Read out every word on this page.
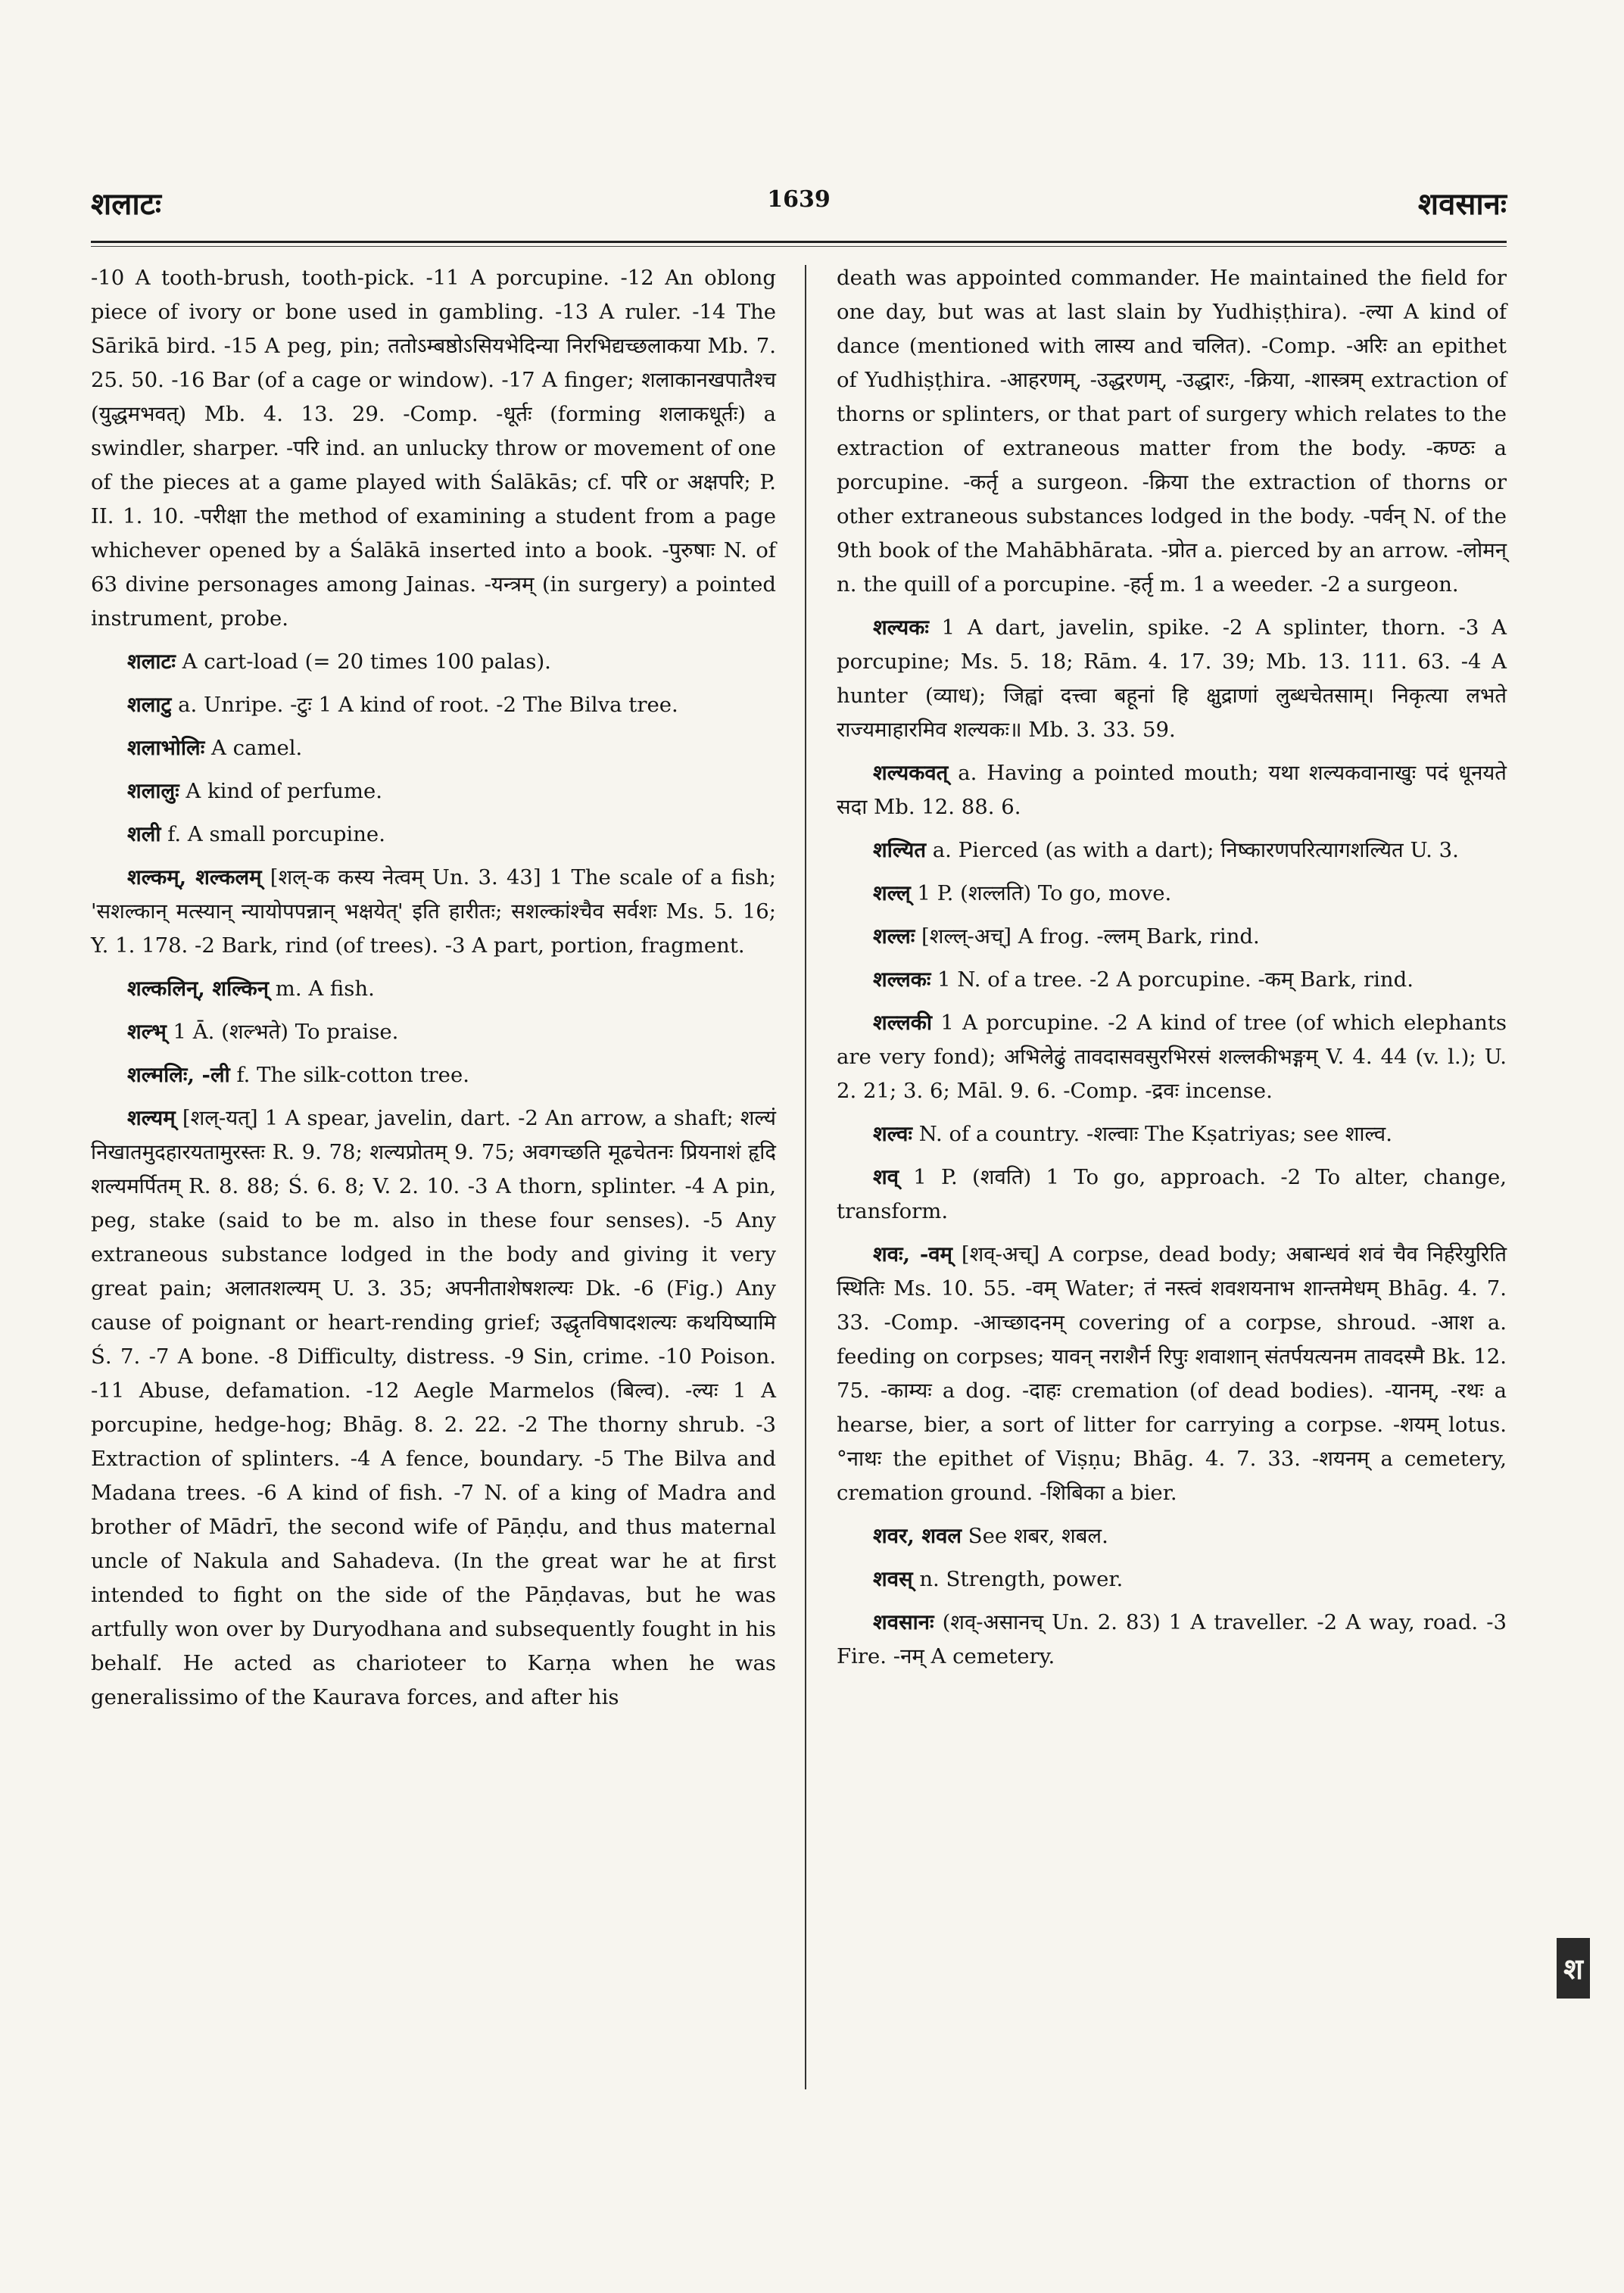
शलाटः	1639	शवसानः

-10 A tooth-brush, tooth-pick. -11 A porcupine. -12 An oblong piece of ivory or bone used in gambling. -13 A ruler. -14 The Sārikā bird. -15 A peg, pin; ततोऽम्बष्ठोऽसियभेदिन्या निरभिद्यच्छलाकया Mb. 7. 25. 50. -16 Bar (of a cage or window). -17 A finger; शलाकानखपातैश्च (युद्धमभवत्) Mb. 4. 13. 29. -Comp. -धूर्तः (forming शलाकधूर्तः) a swindler, sharper. -परि ind. an unlucky throw or movement of one of the pieces at a game played with Śalākās; cf. परि or अक्षपरि; P. II. 1. 10. -परीक्षा the method of examining a student from a page whichever opened by a Śalākā inserted into a book. -पुरुषाः N. of 63 divine personages among Jainas. -यन्त्रम् (in surgery) a pointed instrument, probe.

शलाटः A cart-load (= 20 times 100 palas).

शलाटु a. Unripe. -टुः 1 A kind of root. -2 The Bilva tree.

शलाभोलिः A camel.

शलालुः A kind of perfume.

शली f. A small porcupine.

शल्कम्, शल्कलम् [शल्-क कस्य नेत्वम् Un. 3. 43] 1 The scale of a fish; 'सशल्कान् मत्स्यान् न्यायोपपन्नान् भक्षयेत्' इति हारीतः; सशल्कांश्चैव सर्वशः Ms. 5. 16; Y. 1. 178. -2 Bark, rind (of trees). -3 A part, portion, fragment.

शल्कलिन्, शल्किन् m. A fish.

शल्भ् 1 Ā. (शल्भते) To praise.

शल्मलिः, -ली f. The silk-cotton tree.

शल्यम् [शल्-यत्] 1 A spear, javelin, dart. -2 An arrow, a shaft; शल्यं निखातमुदहारयतामुरस्तः R. 9. 78; शल्यप्रोतम् 9. 75; अवगच्छति मूढचेतनः प्रियनाशं हृदि शल्यमर्पितम् R. 8. 88; Ś. 6. 8; V. 2. 10. -3 A thorn, splinter. -4 A pin, peg, stake (said to be m. also in these four senses). -5 Any extraneous substance lodged in the body and giving it very great pain; अलातशल्यम् U. 3. 35; अपनीताशेषशल्यः Dk. -6 (Fig.) Any cause of poignant or heart-rending grief; उद्धृतविषादशल्यः कथयिष्यामि Ś. 7. -7 A bone. -8 Difficulty, distress. -9 Sin, crime. -10 Poison. -11 Abuse, defamation. -12 Aegle Marmelos (बिल्व). -ल्यः 1 A porcupine, hedge-hog; Bhāg. 8. 2. 22. -2 The thorny shrub. -3 Extraction of splinters. -4 A fence, boundary. -5 The Bilva and Madana trees. -6 A kind of fish. -7 N. of a king of Madra and brother of Mādrī, the second wife of Pāṇḍu, and thus maternal uncle of Nakula and Sahadeva. (In the great war he at first intended to fight on the side of the Pāṇḍavas, but he was artfully won over by Duryodhana and subsequently fought in his behalf. He acted as charioteer to Karṇa when he was generalissimo of the Kaurava forces, and after his

death was appointed commander. He maintained the field for one day, but was at last slain by Yudhiṣṭhira). -ल्या A kind of dance (mentioned with लास्य and चलित). -Comp. -अरिः an epithet of Yudhiṣṭhira. -आहरणम्, -उद्धरणम्, -उद्धारः, -क्रिया, -शास्त्रम् extraction of thorns or splinters, or that part of surgery which relates to the extraction of extraneous matter from the body. -कण्ठः a porcupine. -कर्तृ a surgeon. -क्रिया the extraction of thorns or other extraneous substances lodged in the body. -पर्वन् N. of the 9th book of the Mahābhārata. -प्रोत a. pierced by an arrow. -लोमन् n. the quill of a porcupine. -हर्तृ m. 1 a weeder. -2 a surgeon.

शल्यकः 1 A dart, javelin, spike. -2 A splinter, thorn. -3 A porcupine; Ms. 5. 18; Rām. 4. 17. 39; Mb. 13. 111. 63. -4 A hunter (व्याध); जिह्वां दत्त्वा बहूनां हि क्षुद्राणां लुब्धचेतसाम्। निकृत्या लभते राज्यमाहारमिव शल्यकः॥ Mb. 3. 33. 59.

शल्यकवत् a. Having a pointed mouth; यथा शल्यकवानाखुः पदं धूनयते सदा Mb. 12. 88. 6.

शल्यित a. Pierced (as with a dart); निष्कारणपरित्यागशल्यित U. 3.

शल्ल् 1 P. (शल्लति) To go, move.

शल्लः [शल्ल्-अच्] A frog. -ल्लम् Bark, rind.

शल्लकः 1 N. of a tree. -2 A porcupine. -कम् Bark, rind.

शल्लकी 1 A porcupine. -2 A kind of tree (of which elephants are very fond); अभिलेढुं तावदासवसुरभिरसं शल्लकीभङ्गम् V. 4. 44 (v. l.); U. 2. 21; 3. 6; Māl. 9. 6. -Comp. -द्रवः incense.

शल्वः N. of a country. -शल्वाः The Kṣatriyas; see शाल्व.

शव् 1 P. (शवति) 1 To go, approach. -2 To alter, change, transform.

शवः, -वम् [शव्-अच्] A corpse, dead body; अबान्धवं शवं चैव निर्हरेयुरिति स्थितिः Ms. 10. 55. -वम् Water; तं नस्त्वं शवशयनाभ शान्तमेधम् Bhāg. 4. 7. 33. -Comp. -आच्छादनम् covering of a corpse, shroud. -आश a. feeding on corpses; यावन् नराशैर्न रिपुः शवाशान् संतर्पयत्यनम तावदस्मै Bk. 12. 75. -काम्यः a dog. -दाहः cremation (of dead bodies). -यानम्, -रथः a hearse, bier, a sort of litter for carrying a corpse. -शयम् lotus. °नाथः the epithet of Viṣṇu; Bhāg. 4. 7. 33. -शयनम् a cemetery, cremation ground. -शिबिका a bier.

शवर, शवल See शबर, शबल.

शवस् n. Strength, power.

शवसानः (शव्-असानच् Un. 2. 83) 1 A traveller. -2 A way, road. -3 Fire. -नम् A cemetery.

श
